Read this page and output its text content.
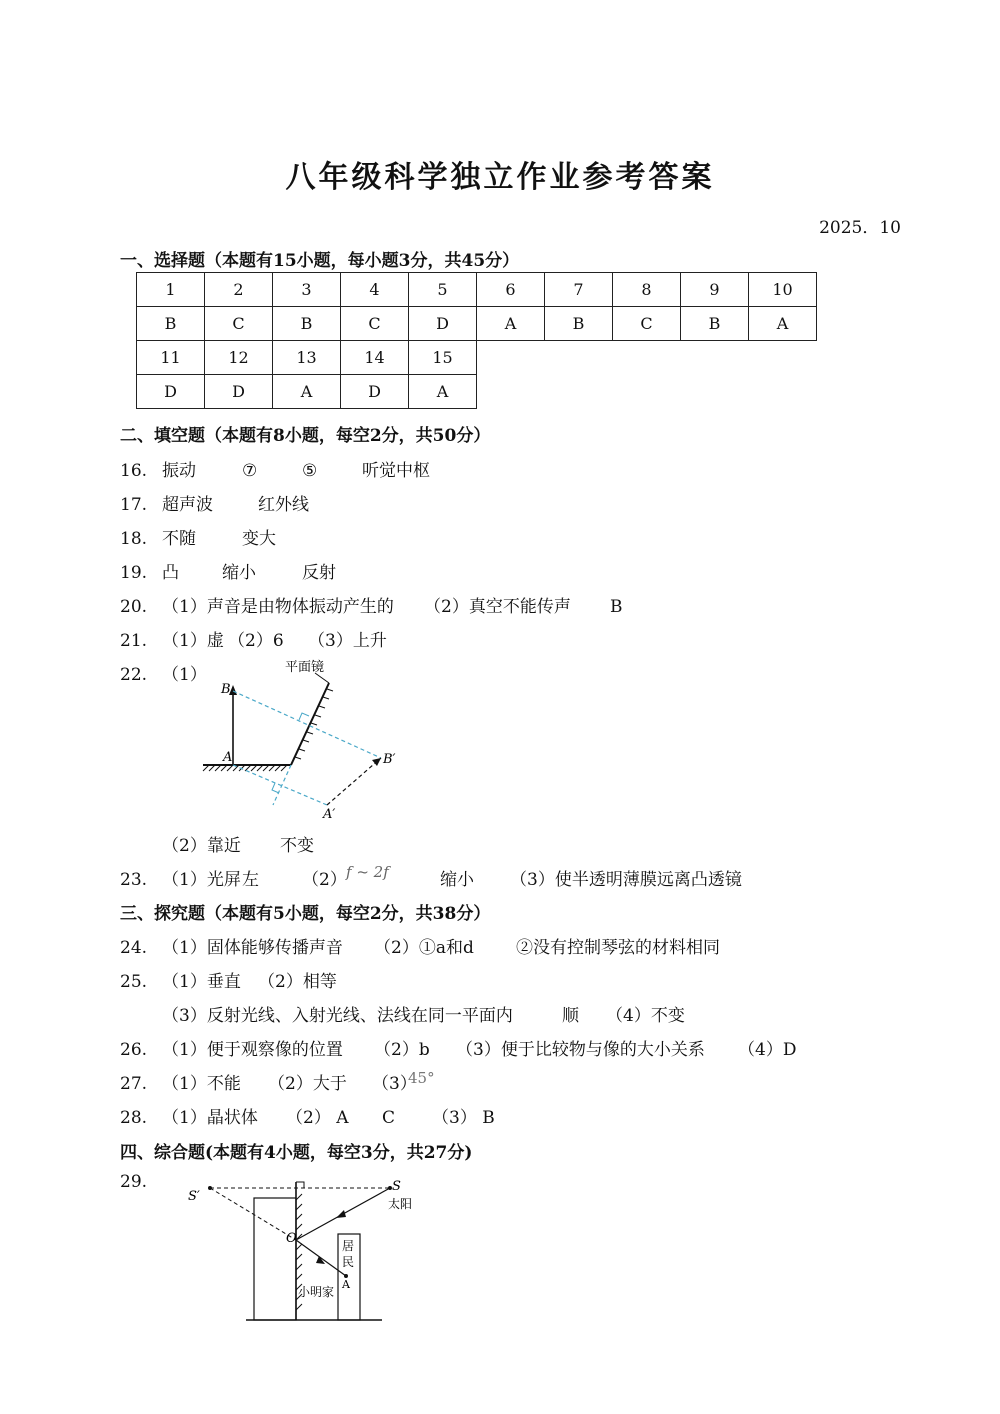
八年级科学独立作业参考答案
2025．10
一、选择题（本题有15小题，每小题3分，共45分）
1	2	3	4	5	6	7	8	9	10
B	C	B	C	D	A	B	C	B	A
11	12	13	14	15					
D	D	A	D	A					
二、填空题（本题有8小题，每空2分，共50分）
16. 振动	⑦	⑤	听觉中枢
17. 超声波	红外线
18. 不随	变大
19. 凸	缩小	反射
20. （1）声音是由物体振动产生的 （2）真空不能传声 B
21. （1）虚 （2）6 （3）上升
22. （1）	平面镜
B
A	B′
A′
（2）靠近 不变
23. （1）光屏左	（2）f ~ 2f	缩小 （3）使半透明薄膜远离凸透镜
三、探究题（本题有5小题，每空2分，共38分）
24. （1）固体能够传播声音 （2）①a和d ②没有控制琴弦的材料相同
25. （1）垂直 （2）相等
（3）反射光线、入射光线、法线在同一平面内	顺 （4）不变
26. （1）便于观察像的位置 （2）b （3）便于比较物与像的大小关系 （4）D
27. （1）不能 （2）大于 （3）45°
28. （1）晶状体 （2） A C （3） B
四、综合题(本题有4小题，每空3分，共27分)
29.
S′
S
太阳
O	居
民
A
小明家
